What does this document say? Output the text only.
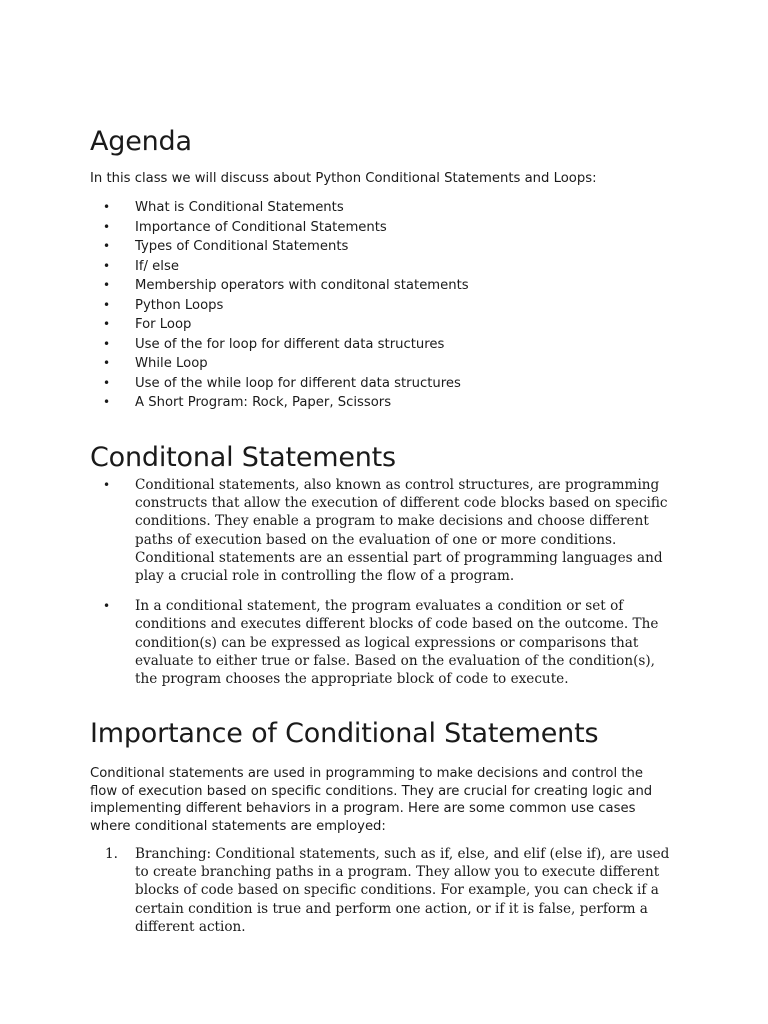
Agenda

In this class we will discuss about Python Conditional Statements and Loops:

• What is Conditional Statements
• Importance of Conditional Statements
• Types of Conditional Statements
• If/ else
• Membership operators with conditonal statements
• Python Loops
• For Loop
• Use of the for loop for different data structures
• While Loop
• Use of the while loop for different data structures
• A Short Program: Rock, Paper, Scissors
Conditonal Statements
• Conditional statements, also known as control structures, are programming constructs that allow the execution of different code blocks based on specific conditions. They enable a program to make decisions and choose different paths of execution based on the evaluation of one or more conditions. Conditional statements are an essential part of programming languages and play a crucial role in controlling the flow of a program.
• In a conditional statement, the program evaluates a condition or set of conditions and executes different blocks of code based on the outcome. The condition(s) can be expressed as logical expressions or comparisons that evaluate to either true or false. Based on the evaluation of the condition(s), the program chooses the appropriate block of code to execute.
Importance of Conditional Statements

Conditional statements are used in programming to make decisions and control the flow of execution based on specific conditions. They are crucial for creating logic and implementing different behaviors in a program. Here are some common use cases where conditional statements are employed:

1. Branching: Conditional statements, such as if, else, and elif (else if), are used to create branching paths in a program. They allow you to execute different blocks of code based on specific conditions. For example, you can check if a certain condition is true and perform one action, or if it is false, perform a different action.
